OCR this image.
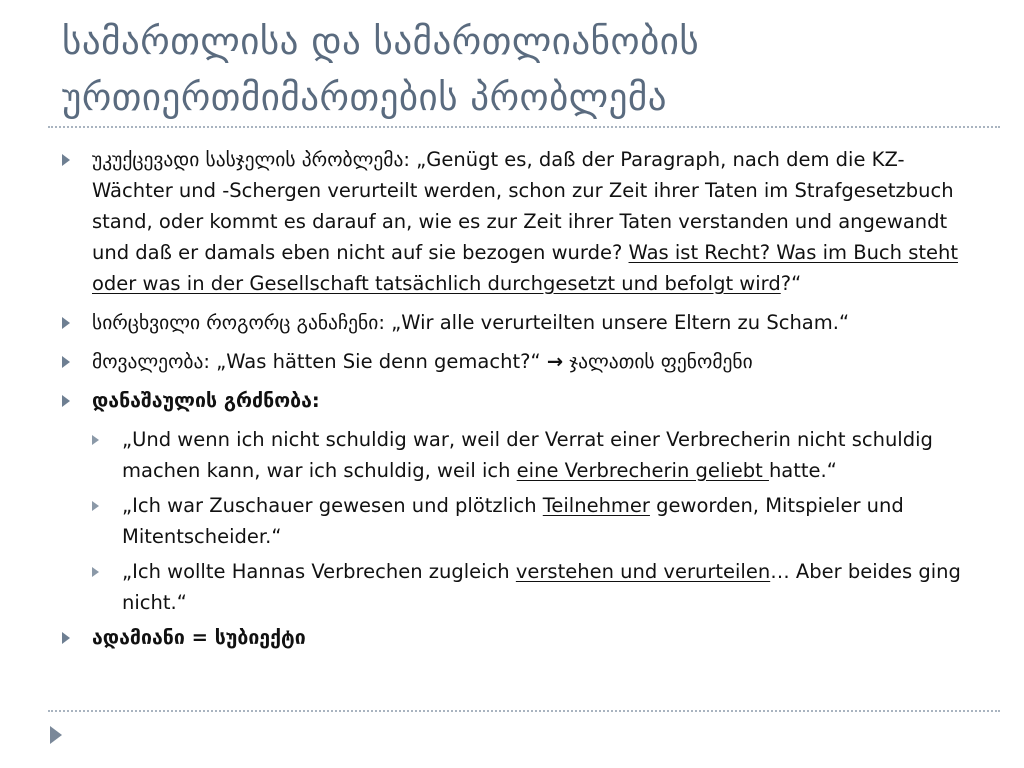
სამართლისა და სამართლიანობის ურთიერთმიმართების პრობლემა
უკუქცევადი სასჯელის პრობლემა: „Genügt es, daß der Paragraph, nach dem die KZ-Wächter und -Schergen verurteilt werden, schon zur Zeit ihrer Taten im Strafgesetzbuch stand, oder kommt es darauf an, wie es zur Zeit ihrer Taten verstanden und angewandt und daß er damals eben nicht auf sie bezogen wurde? Was ist Recht? Was im Buch steht oder was in der Gesellschaft tatsächlich durchgesetzt und befolgt wird?“
სირცხვილი როგორც განაჩენი: „Wir alle verurteilten unsere Eltern zu Scham.“
მოვალეობა: „Was hätten Sie denn gemacht?“ → ჯალათის ფენომენი
დანაშაულის გრძნობა:
„Und wenn ich nicht schuldig war, weil der Verrat einer Verbrecherin nicht schuldig machen kann, war ich schuldig, weil ich eine Verbrecherin geliebt hatte.“
„Ich war Zuschauer gewesen und plötzlich Teilnehmer geworden, Mitspieler und Mitentscheider.“
„Ich wollte Hannas Verbrechen zugleich verstehen und verurteilen… Aber beides ging nicht.“
ადამიანი = სუბიექტი
